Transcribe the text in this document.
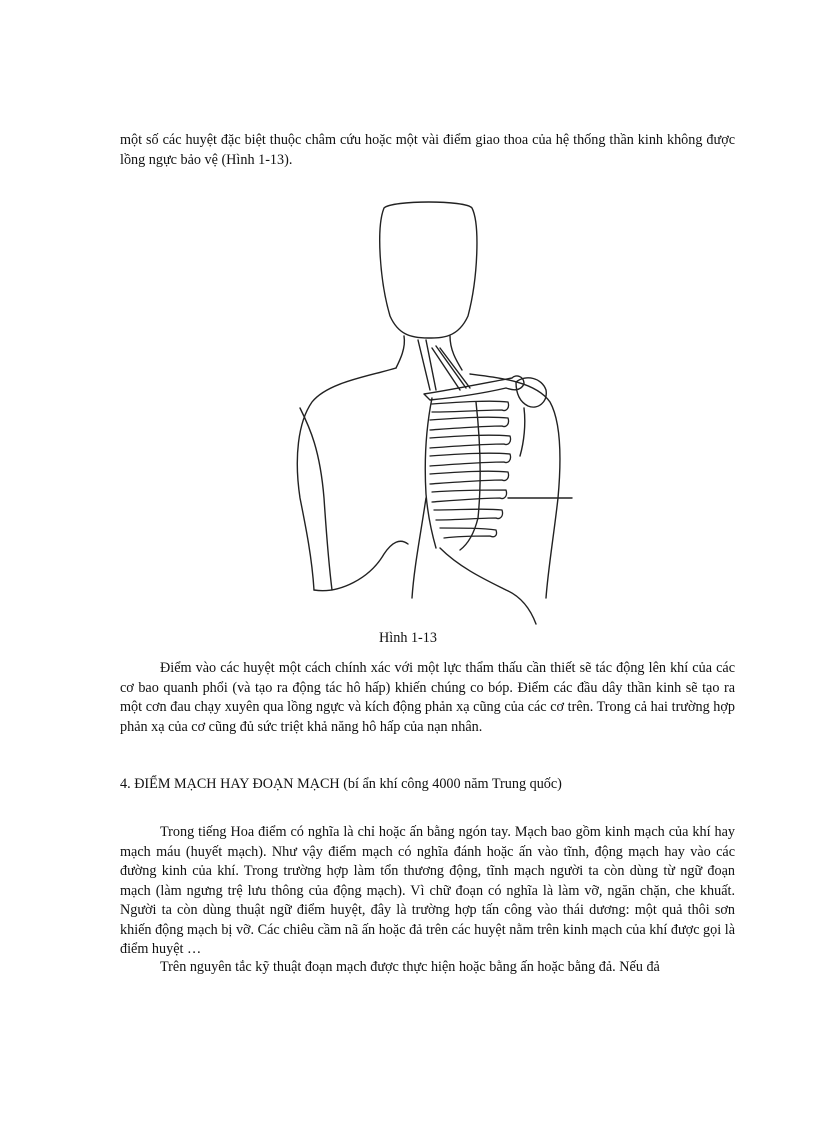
một số các huyệt đặc biệt thuộc châm cứu hoặc một vài điểm giao thoa của hệ thống thần kinh không được lồng ngực bảo vệ (Hình 1-13).

Hình 1-13

Điểm vào các huyệt một cách chính xác với một lực thẩm thấu cần thiết sẽ tác động lên khí của các cơ bao quanh phổi (và tạo ra động tác hô hấp) khiến chúng co bóp. Điểm các đầu dây thần kinh sẽ tạo ra một cơn đau chạy xuyên qua lồng ngực và kích động phản xạ cũng của các cơ trên. Trong cả hai trường hợp phản xạ của cơ cũng đủ sức triệt khả năng hô hấp của nạn nhân.

4. ĐIỂM MẠCH HAY ĐOẠN MẠCH (bí ẩn khí công 4000 năm Trung quốc)

Trong tiếng Hoa điểm có nghĩa là chỉ hoặc ấn bằng ngón tay. Mạch bao gồm kinh mạch của khí hay mạch máu (huyết mạch). Như vậy điểm mạch có nghĩa đánh hoặc ấn vào tĩnh, động mạch hay vào các đường kinh của khí. Trong trường hợp làm tổn thương động, tĩnh mạch người ta còn dùng từ ngữ đoạn mạch (làm ngưng trệ lưu thông của động mạch). Vì chữ đoạn có nghĩa là làm vỡ, ngăn chặn, che khuất. Người ta còn dùng thuật ngữ điểm huyệt, đây là trường hợp tấn công vào thái dương: một quả thôi sơn khiến động mạch bị vỡ. Các chiêu cầm nã ấn hoặc đả trên các huyệt nằm trên kinh mạch của khí được gọi là điểm huyệt …

Trên nguyên tắc kỹ thuật đoạn mạch được thực hiện hoặc bằng ấn hoặc bằng đả. Nếu đả
